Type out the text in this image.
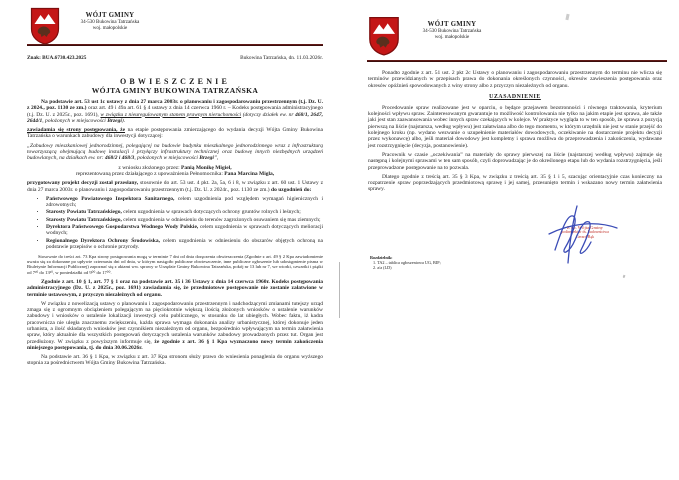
WÓJT GMINY
34-530 Bukowina Tatrzańska
woj. małopolskie
Znak: BUA.6730.423.2025	Bukowina Tatrzańska, dn. 11.03.2026r.
OBWIESZCZENIE
WÓJTA GMINY BUKOWINA TATRZAŃSKA

Na podstawie art. 53 ust 1c ustawy z dnia 27 marca 2003r. o planowaniu i zagospodarowaniu przestrzennym (t.j. Dz. U. z 2024., poz. 1130 ze zm.) oraz art. 49 i 49a art. 61 § 4 ustawy z dnia 14 czerwca 1960 r. – Kodeks postępowania administracyjnego (t.j. Dz. U. z 2025r., poz. 1691), w związku z nieuregulowanym stanem prawnym nieruchomości (dotyczy działek ew. nr 468/1, 2647, 2644/1, położonych w miejscowości Brzegi).

zawiadamia się strony postępowania, że na etapie postępowania zmierzającego do wydania decyzji Wójta Gminy Bukowina Tatrzańska o warunkach zabudowy dla inwestycji dotyczącej:

„Zabudowy mieszkaniowej jednorodzinnej, polegającej na budowie budynku mieszkalnego jednorodzinnego wraz z infrastrukturą towarzyszącą obejmującą budowę instalacji i przyłączy infrastruktury technicznej oraz budowę innych niezbędnych urządzeń budowlanych, na działkach ew. nr: 468/2 i 468/3, położonych w miejscowości Brzegi”,

z wniosku złożonego przez: Panią Monikę Migiel,
reprezentowaną przez działającego z upoważnienia Pełnomocnika: Pana Marcina Migla,

przygotowany projekt decyzji został przesłany, stosownie do art. 53 ust. 4 pkt. 2a, 5a, 6 i 8, w związku z art. 60 ust. 1 Ustawy z dnia 27 marca 2003r. o planowaniu i zagospodarowaniu przestrzennym (t.j. Dz. U. z 2024r., poz. 1130 ze zm.) do uzgodnień do:

• Państwowego Powiatowego Inspektora Sanitarnego, celem uzgodnienia pod względem wymagań higienicznych i zdrowotnych;
• Starosty Powiatu Tatrzańskiego, celem uzgodnienia w sprawach dotyczących ochrony gruntów rolnych i leśnych;
• Starosty Powiatu Tatrzańskiego, celem uzgodnienia w odniesieniu do terenów zagrożonych osuwaniem się mas ziemnych;
• Dyrektora Państwowego Gospodarstwa Wodnego Wody Polskie, celem uzgodnienia w sprawach dotyczących melioracji wodnych;
• Regionalnego Dyrektora Ochrony Środowiska, celem uzgodnienia w odniesieniu do obszarów objętych ochroną na podstawie przepisów o ochronie przyrody.

Stosownie do treści art. 73 Kpa strony postępowania mogą w terminie 7 dni od dnia doręczenia obwieszczenia (Zgodnie z art. 49 § 2 Kpa zawiadomienie uważa się za dokonane po upływie czternastu dni od dnia, w którym nastąpiło publiczne obwieszczenie, inne publiczne ogłoszenie lub udostępnienie pisma w Biuletynie Informacji Publicznej) zapoznać się z aktami ww. sprawy w Urzędzie Gminy Bukowina Tatrzańska, pokój nr 13 lub nr 7, we wtorki, czwartki i piątki od 7³⁰ do 13³⁰, w poniedziałki od 9⁰⁰ do 17⁰⁰.

Zgodnie z art. 10 § 1, art. 77 § 1 oraz na podstawie art. 35 i 36 Ustawy z dnia 14 czerwca 1960r. Kodeks postępowania administracyjnego (Dz. U. z 2025r., poz. 1691) zawiadamia się, że przedmiotowe postępowanie nie zostanie załatwione w terminie ustawowym, z przyczyn niezależnych od organu.

W związku z nowelizacją ustawy o planowaniu i zagospodarowaniu przestrzennym i nadchodzącymi zmianami tutejszy urząd zmaga się z ogromnym obciążeniem polegającym na pięciokrotnie większą ilością złożonych wniosków o ustalenie warunków zabudowy i wniosków o ustalenie lokalizacji inwestycji celu publicznego, w stosunku do lat ubiegłych. Wobec faktu, iż kadra pracownicza nie uległa znacznemu zwiększeniu, każda sprawa wymaga dokonania analizy urbanistycznej, której dokonuje jeden urbanista, a ilość składanych wniosków jest czynnikiem niezależnym od organu, bezpośrednio wpływającym na termin załatwienia spraw, który aktualnie dla wszystkich postępowań dotyczących ustalenia warunków zabudowy prowadzonych przez tut. Organ jest przedłużony. W związku z powyższym informuje się, że zgodnie z art. 36 § 1 Kpa wyznaczono nowy termin zakończenia niniejszego postępowania, tj. do dnia 30.06.2026r.

Na podstawie art. 36 § 1 Kpa, w związku z art. 37 Kpa stronom służy prawo do wniesienia ponaglenia do organu wyższego stopnia za pośrednictwem Wójta Gminy Bukowina Tatrzańska.

WÓJT GMINY
34-530 Bukowina Tatrzańska
woj. małopolskie

Ponadto zgodnie z art. 51 ust. 2 pkt 2c Ustawy o planowaniu i zagospodarowaniu przestrzennym do terminu nie wlicza się terminów przewidzianych w przepisach prawa do dokonania określonych czynności, okresów zawieszenia postępowania oraz okresów opóźnień spowodowanych z winy strony albo z przyczyn niezależnych od organu.

UZASADNIENIE

Procedowanie spraw realizowane jest w oparciu, o będące przejawem bezstronności i równego traktowania, kryterium kolejności wpływu spraw. Zainteresowanym gwarantuje to możliwość kontrolowania nie tylko na jakim etapie jest sprawa, ale także jaki jest stan zaawansowania wobec innych spraw czekających w kolejce. W praktyce wygląda to w ten sposób, że sprawa z pozycją pierwszą na liście (najstarsza, według wpływu) jest załatwiana albo do tego momentu, w którym urzędnik nie jest w stanie przejść do kolejnego kroku (np. wydano wezwanie o uzupełnienie materiałów dowodowych, oczekiwanie na dostarczenie projektu decyzji przez wykonawcę) albo, jeśli materiał dowodowy jest kompletny i sprawa możliwa do przeprowadzenia i zakończenia, wydawane jest rozstrzygnięcie (decyzja, postanowienie).

Pracownik w czasie „oczekiwania” na materiały do sprawy pierwszej na liście (najstarszej według wpływu) zajmuje się następną i kolejnymi sprawami w ten sam sposób, czyli doprowadzając je do określonego etapu lub do wydania rozstrzygnięcia, jeśli przeprowadzone postępowanie na to pozwala.

Dlatego zgodnie z treścią art. 35 § 3 Kpa, w związku z treścią art. 35 § 1 i 5, szacując orientacyjnie czas konieczny na rozpatrzenie spraw poprzedzających przedmiotową sprawę i jej samej, przesunięto termin i wskazano nowy termin załatwienia sprawy.

Z up. Wójta Gminy
podinspektor ds. budownictwa
Gerard Bąk
Rozdzielnik:
1. TA2 – tablica ogłoszeniowa UG, BIP;
2. a/a (LD)
